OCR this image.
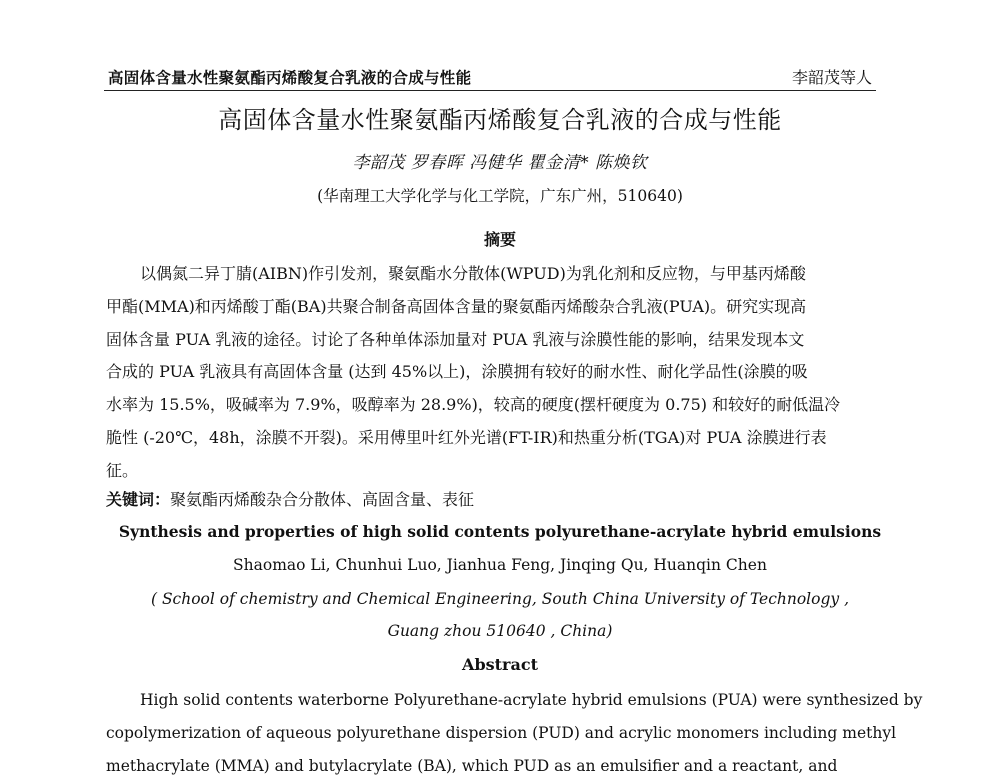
高固体含量水性聚氨酯丙烯酸复合乳液的合成与性能	李韶茂等人
高固体含量水性聚氨酯丙烯酸复合乳液的合成与性能
李韶茂 罗春晖 冯健华 瞿金清* 陈焕钦
(华南理工大学化学与化工学院，广东广州，510640)
摘要
以偶氮二异丁腈(AIBN)作引发剂，聚氨酯水分散体(WPUD)为乳化剂和反应物，与甲基丙烯酸
甲酯(MMA)和丙烯酸丁酯(BA)共聚合制备高固体含量的聚氨酯丙烯酸杂合乳液(PUA)。研究实现高
固体含量 PUA 乳液的途径。讨论了各种单体添加量对 PUA 乳液与涂膜性能的影响，结果发现本文
合成的 PUA 乳液具有高固体含量 (达到 45%以上)，涂膜拥有较好的耐水性、耐化学品性(涂膜的吸
水率为 15.5%，吸碱率为 7.9%，吸醇率为 28.9%)，较高的硬度(摆杆硬度为 0.75) 和较好的耐低温冷
脆性 (-20℃，48h，涂膜不开裂)。采用傅里叶红外光谱(FT-IR)和热重分析(TGA)对 PUA 涂膜进行表
征。
关键词：聚氨酯丙烯酸杂合分散体、高固含量、表征
Synthesis and properties of high solid contents polyurethane-acrylate hybrid emulsions
Shaomao Li, Chunhui Luo, Jianhua Feng, Jinqing Qu, Huanqin Chen
( School of chemistry and Chemical Engineering, South China University of Technology ,
Guang zhou 510640 , China)
Abstract
High solid contents waterborne Polyurethane-acrylate hybrid emulsions (PUA) were synthesized by
copolymerization of aqueous polyurethane dispersion (PUD) and acrylic monomers including methyl
methacrylate (MMA) and butylacrylate (BA), which PUD as an emulsifier and a reactant, and
